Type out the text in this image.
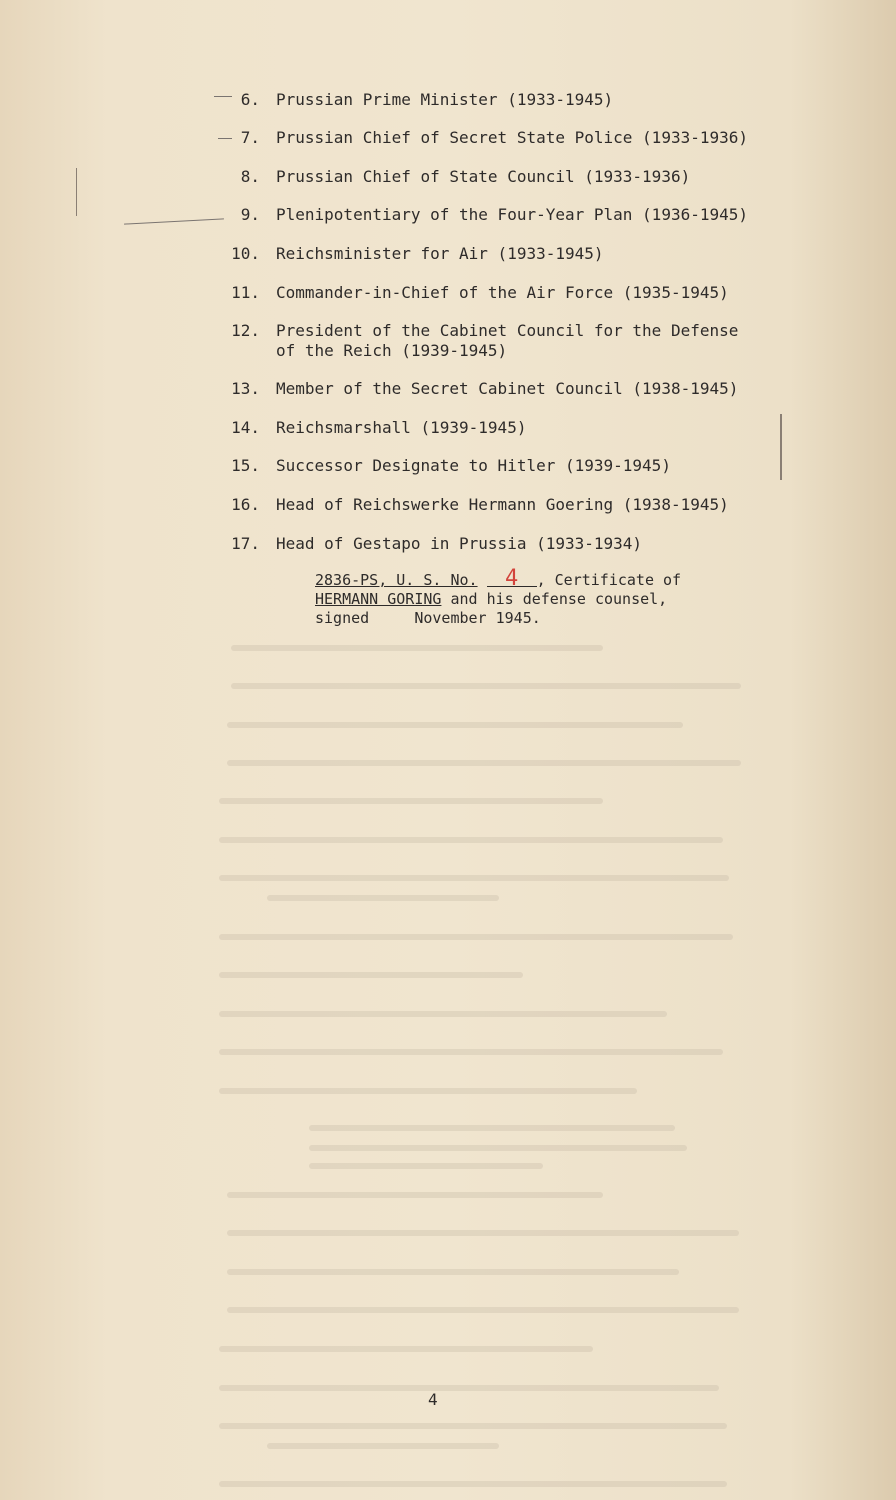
6. Prussian Prime Minister (1933-1945)
7. Prussian Chief of Secret State Police (1933-1936)
8. Prussian Chief of State Council (1933-1936)
9. Plenipotentiary of the Four-Year Plan (1936-1945)
10. Reichsminister for Air (1933-1945)
11. Commander-in-Chief of the Air Force (1935-1945)
12. President of the Cabinet Council for the Defense
of the Reich (1939-1945)
13. Member of the Secret Cabinet Council (1938-1945)
14. Reichsmarshall (1939-1945)
15. Successor Designate to Hitler (1939-1945)
16. Head of Reichswerke Hermann Goering (1938-1945)
17. Head of Gestapo in Prussia (1933-1934)
2836-PS, U. S. No. 4 , Certificate of
HERMANN GORING and his defense counsel,
signed     November 1945.
4
